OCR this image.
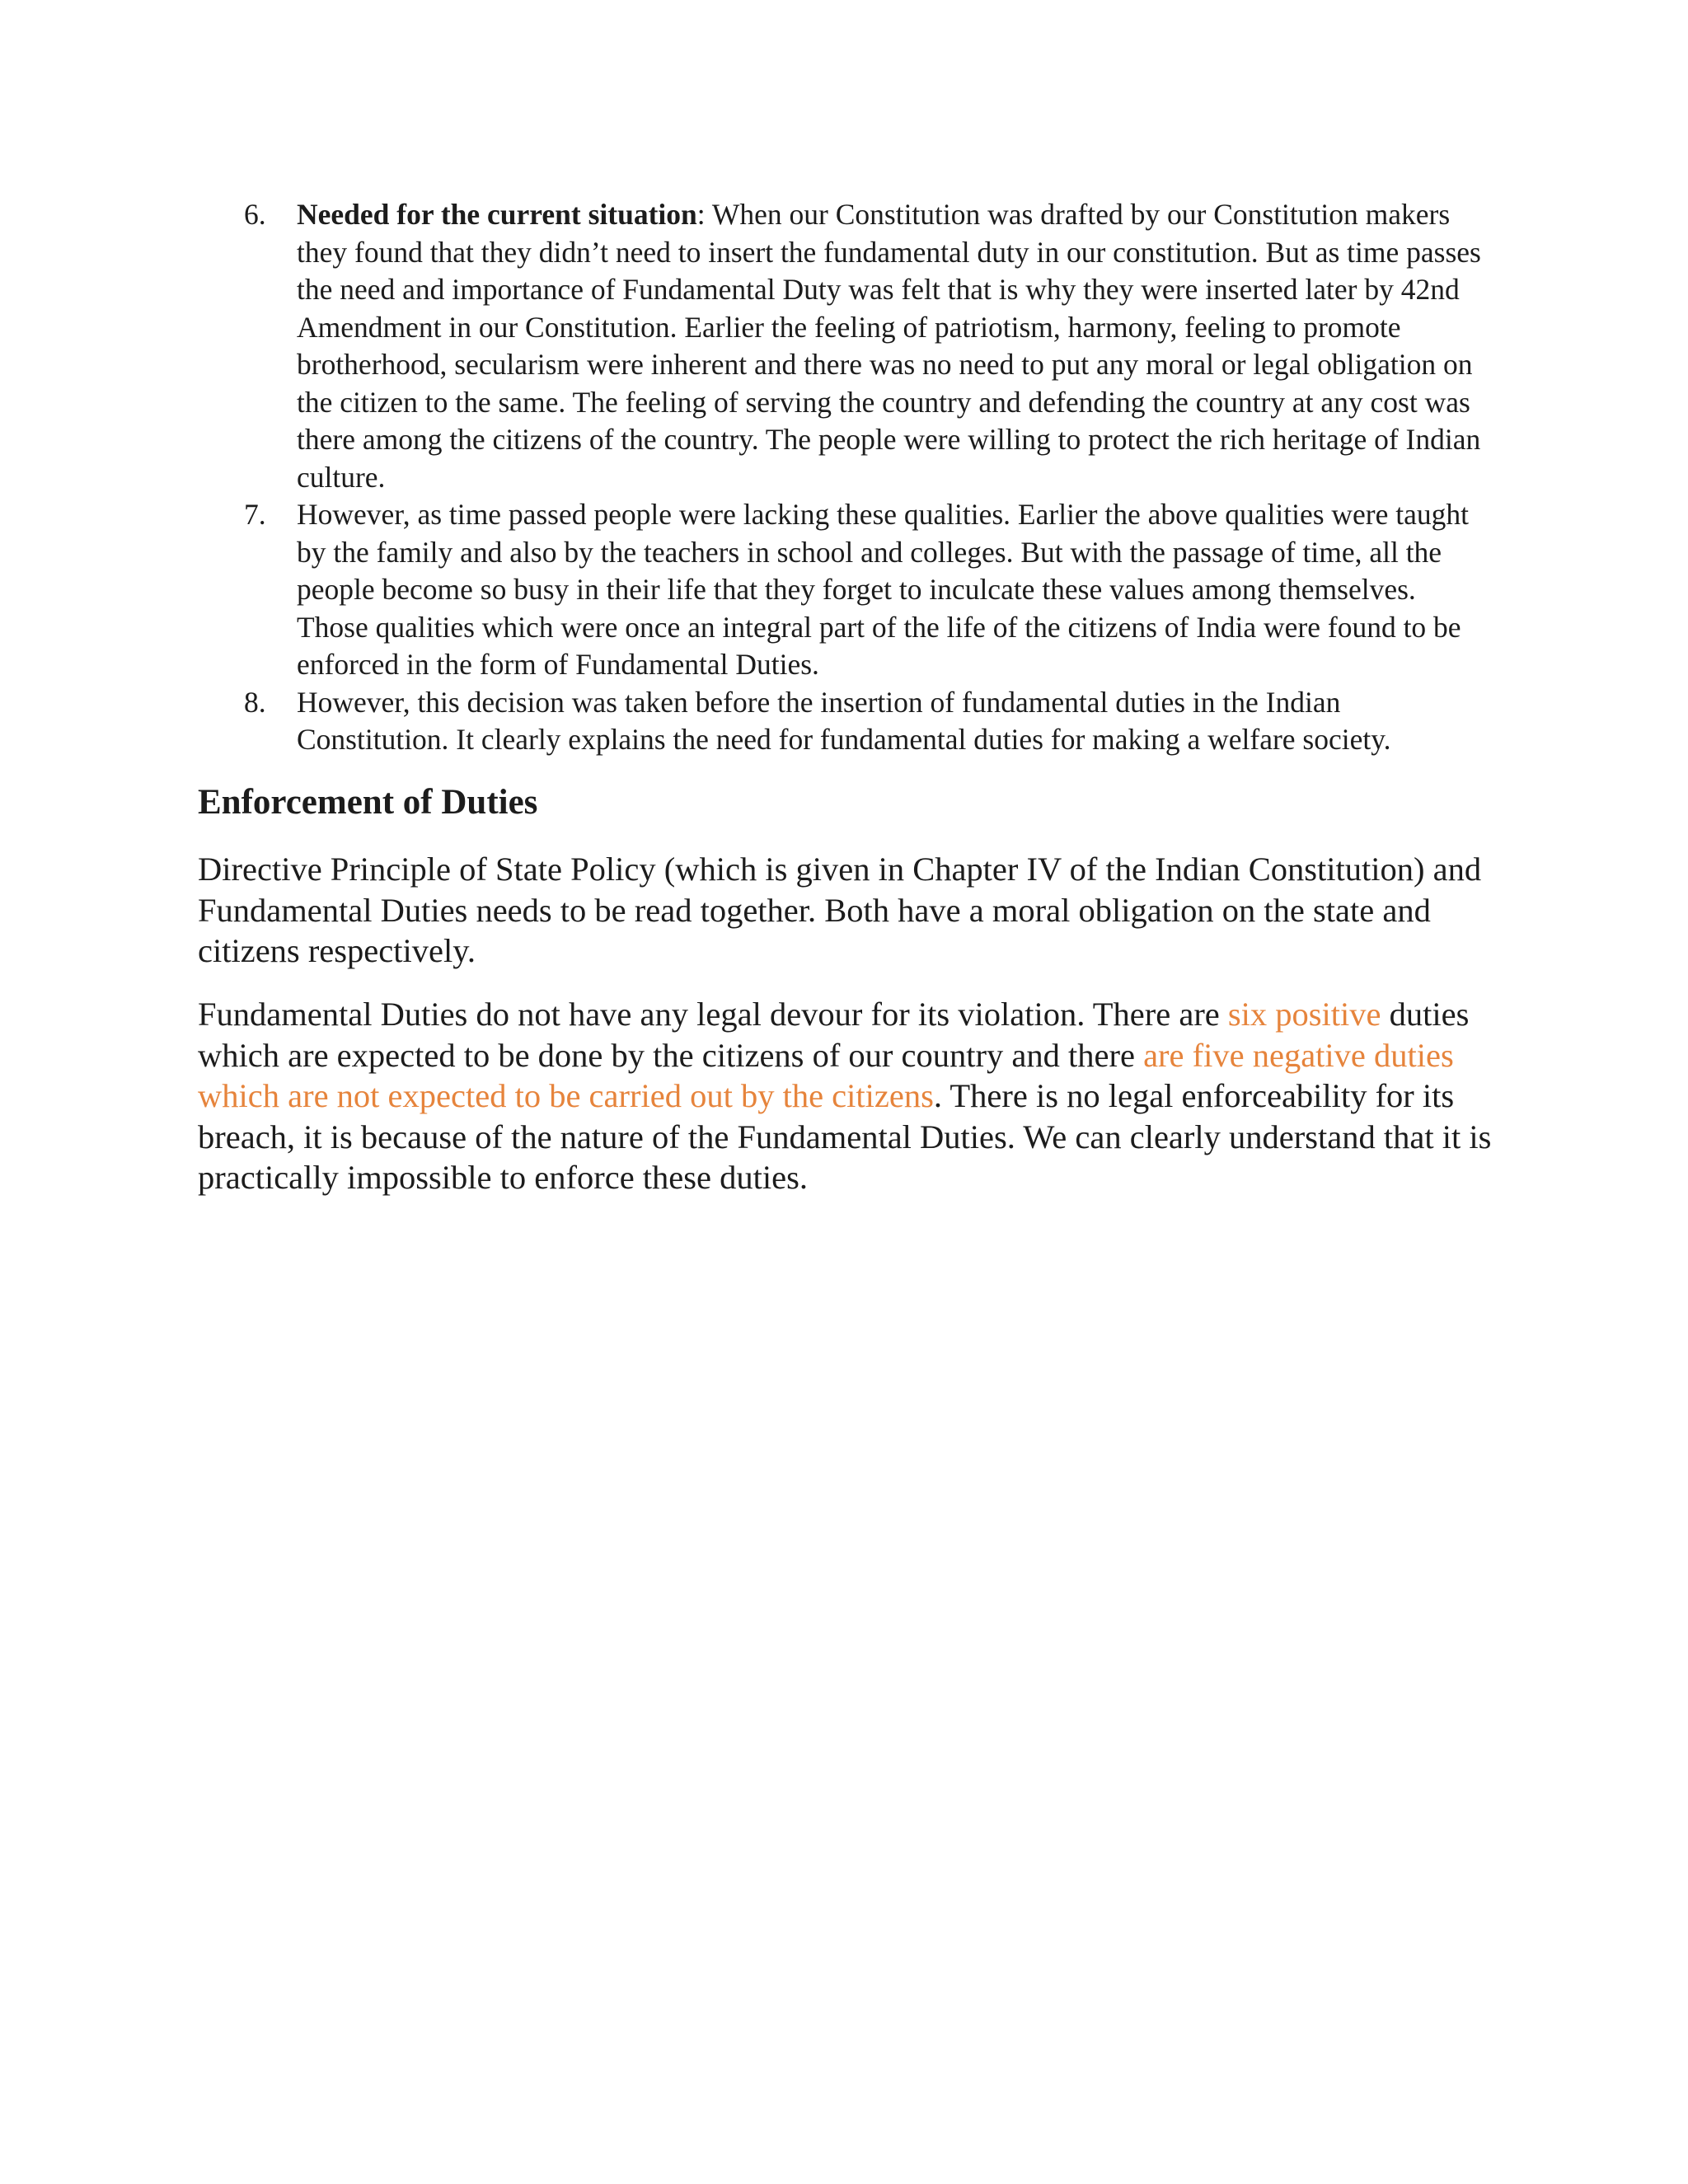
6. Needed for the current situation: When our Constitution was drafted by our Constitution makers they found that they didn’t need to insert the fundamental duty in our constitution. But as time passes the need and importance of Fundamental Duty was felt that is why they were inserted later by 42nd Amendment in our Constitution. Earlier the feeling of patriotism, harmony, feeling to promote brotherhood, secularism were inherent and there was no need to put any moral or legal obligation on the citizen to the same. The feeling of serving the country and defending the country at any cost was there among the citizens of the country. The people were willing to protect the rich heritage of Indian culture.
7. However, as time passed people were lacking these qualities. Earlier the above qualities were taught by the family and also by the teachers in school and colleges. But with the passage of time, all the people become so busy in their life that they forget to inculcate these values among themselves. Those qualities which were once an integral part of the life of the citizens of India were found to be enforced in the form of Fundamental Duties.
8. However, this decision was taken before the insertion of fundamental duties in the Indian Constitution. It clearly explains the need for fundamental duties for making a welfare society.
Enforcement of Duties

Directive Principle of State Policy (which is given in Chapter IV of the Indian Constitution) and Fundamental Duties needs to be read together. Both have a moral obligation on the state and citizens respectively.

Fundamental Duties do not have any legal devour for its violation. There are six positive duties which are expected to be done by the citizens of our country and there are five negative duties which are not expected to be carried out by the citizens. There is no legal enforceability for its breach, it is because of the nature of the Fundamental Duties. We can clearly understand that it is practically impossible to enforce these duties.
